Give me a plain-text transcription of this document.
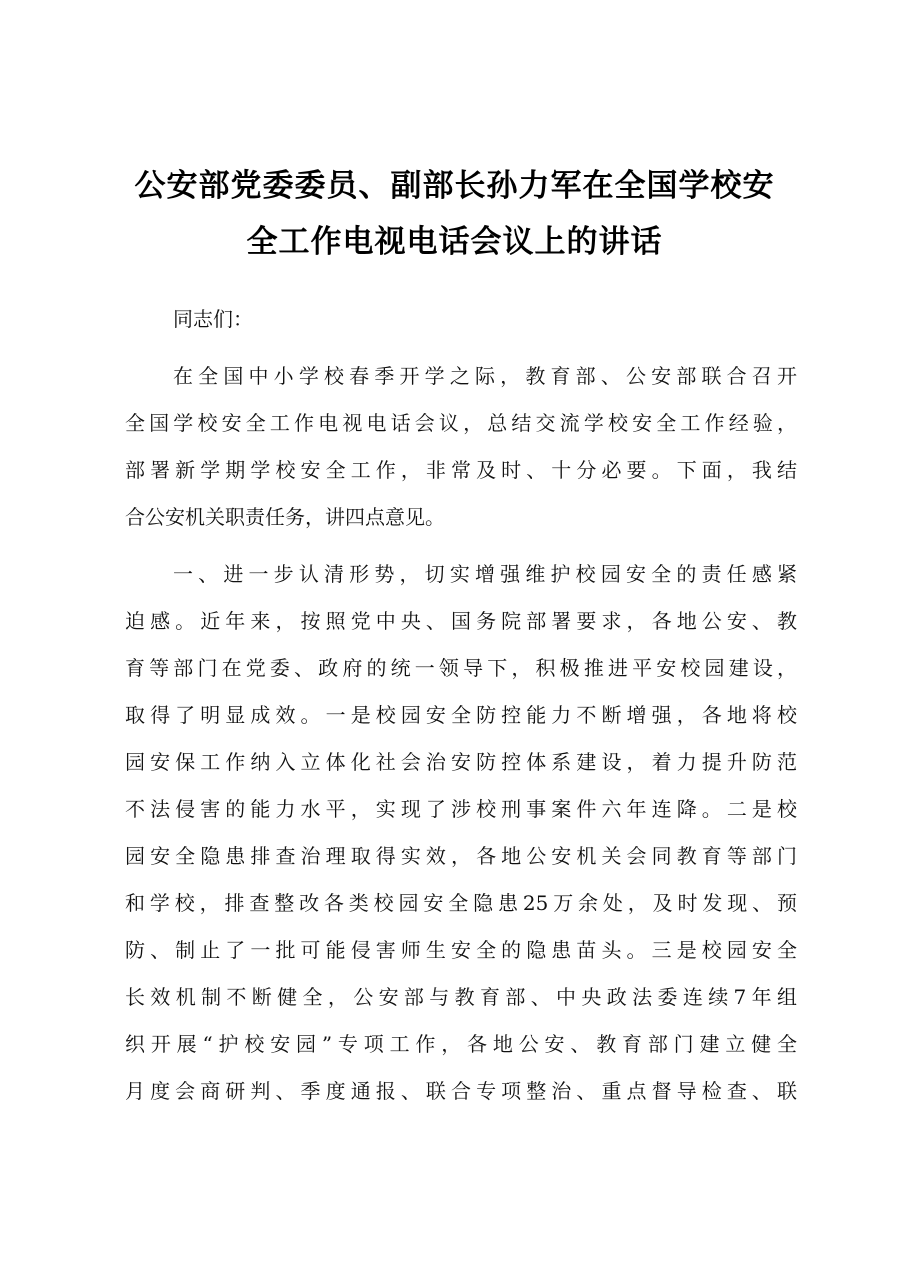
公安部党委委员、副部长孙力军在全国学校安
全工作电视电话会议上的讲话
同志们：
在全国中小学校春季开学之际，教育部、公安部联合召开
全国学校安全工作电视电话会议，总结交流学校安全工作经验，
部署新学期学校安全工作，非常及时、十分必要。下面，我结
合公安机关职责任务，讲四点意见。
一、进一步认清形势，切实增强维护校园安全的责任感紧
迫感。近年来，按照党中央、国务院部署要求，各地公安、教
育等部门在党委、政府的统一领导下，积极推进平安校园建设，
取得了明显成效。一是校园安全防控能力不断增强，各地将校
园安保工作纳入立体化社会治安防控体系建设，着力提升防范
不法侵害的能力水平，实现了涉校刑事案件六年连降。二是校
园安全隐患排查治理取得实效，各地公安机关会同教育等部门
和学校，排查整改各类校园安全隐患25万余处，及时发现、预
防、制止了一批可能侵害师生安全的隐患苗头。三是校园安全
长效机制不断健全，公安部与教育部、中央政法委连续7年组
织开展“护校安园”专项工作，各地公安、教育部门建立健全
月度会商研判、季度通报、联合专项整治、重点督导检查、联
